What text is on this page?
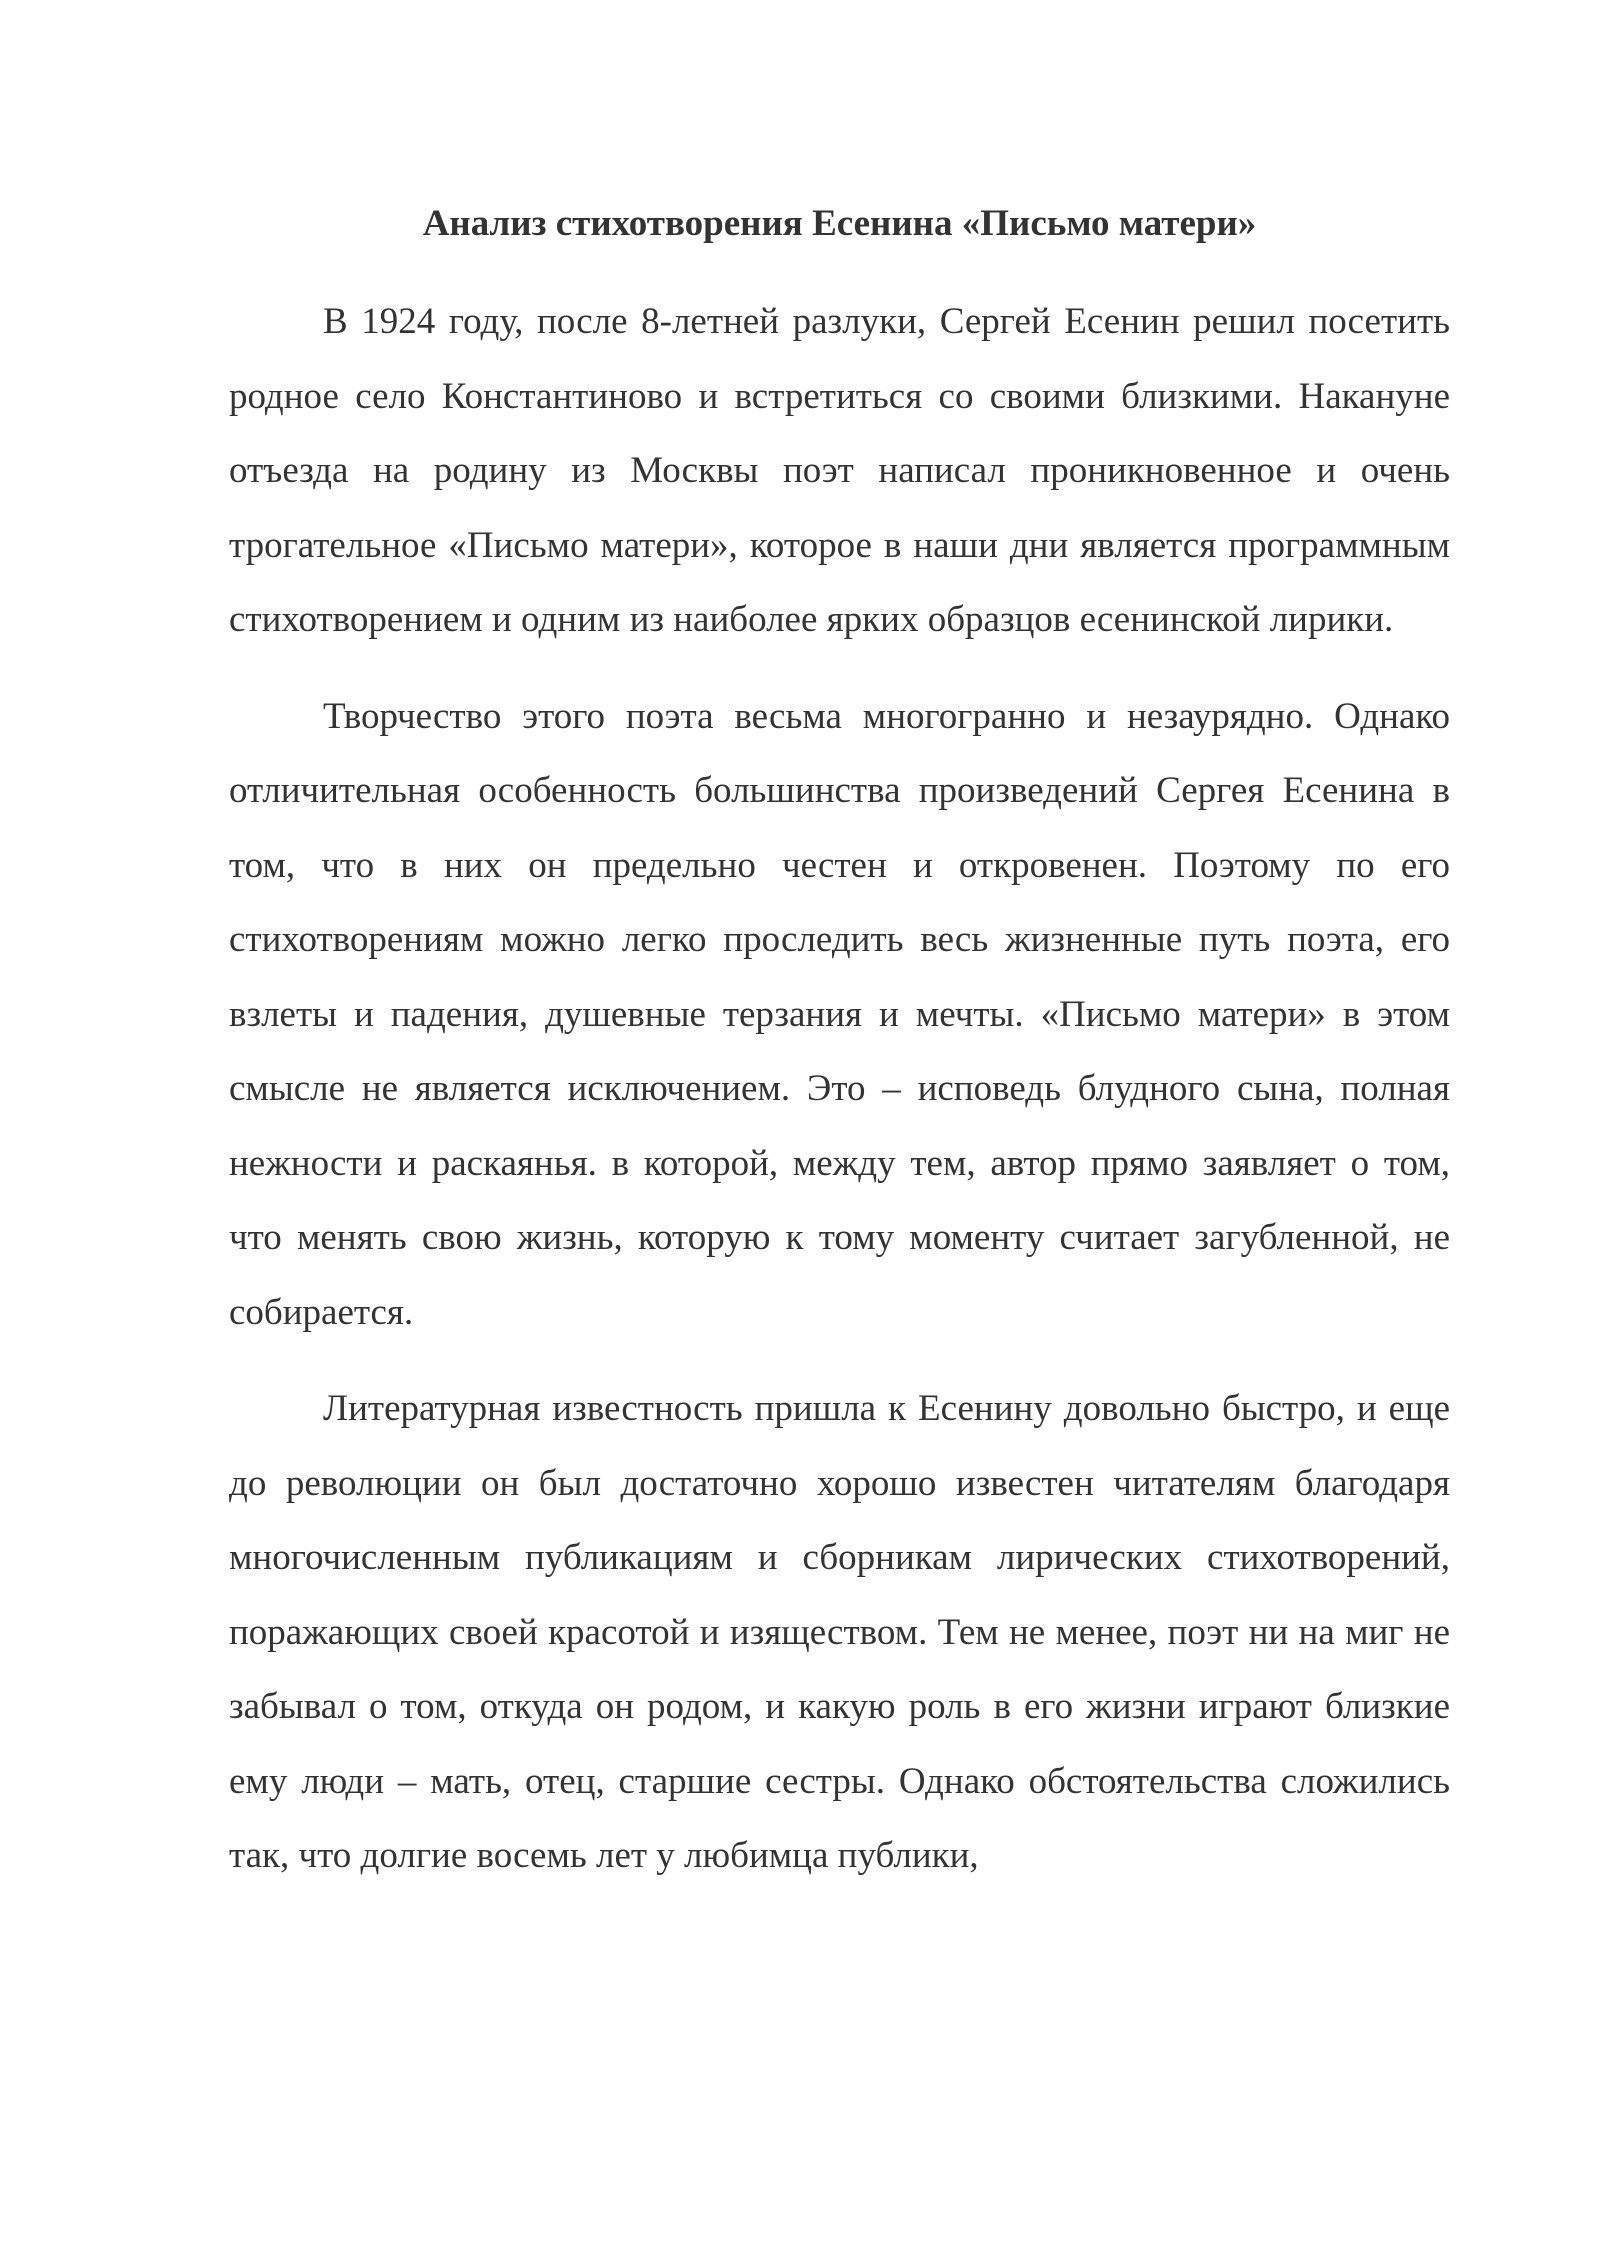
Анализ стихотворения Есенина «Письмо матери»

В 1924 году, после 8-летней разлуки, Сергей Есенин решил посетить родное село Константиново и встретиться со своими близкими. Накануне отъезда на родину из Москвы поэт написал проникновенное и очень трогательное «Письмо матери», которое в наши дни является программным стихотворением и одним из наиболее ярких образцов есенинской лирики.

Творчество этого поэта весьма многогранно и незаурядно. Однако отличительная особенность большинства произведений Сергея Есенина в том, что в них он предельно честен и откровенен. Поэтому по его стихотворениям можно легко проследить весь жизненные путь поэта, его взлеты и падения, душевные терзания и мечты. «Письмо матери» в этом смысле не является исключением. Это – исповедь блудного сына, полная нежности и раскаянья. в которой, между тем, автор прямо заявляет о том, что менять свою жизнь, которую к тому моменту считает загубленной, не собирается.

Литературная известность пришла к Есенину довольно быстро, и еще до революции он был достаточно хорошо известен читателям благодаря многочисленным публикациям и сборникам лирических стихотворений, поражающих своей красотой и изяществом. Тем не менее, поэт ни на миг не забывал о том, откуда он родом, и какую роль в его жизни играют близкие ему люди – мать, отец, старшие сестры. Однако обстоятельства сложились так, что долгие восемь лет у любимца публики,
